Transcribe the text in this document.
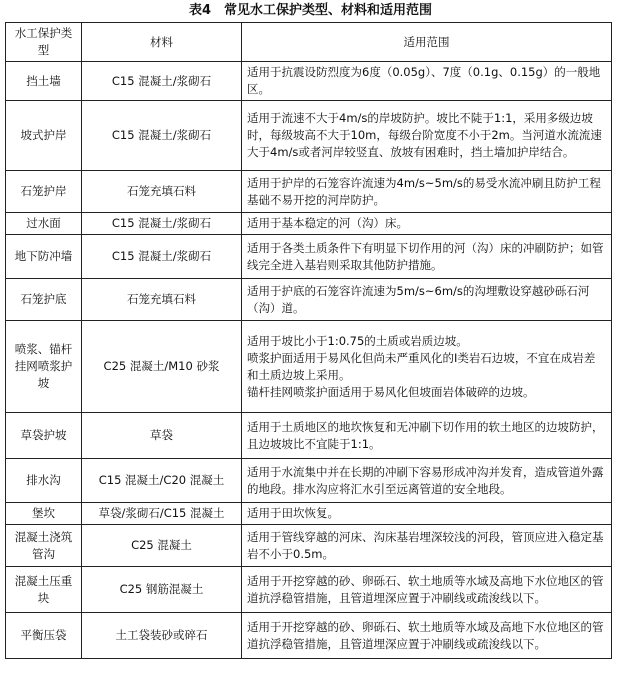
表4　常见水工保护类型、材料和适用范围
水工保护类型	材料	适用范围
挡土墙	C15 混凝土/浆砌石	适用于抗震设防烈度为6度（0.05g）、7度（0.1g、0.15g）的一般地区。
坡式护岸	C15 混凝土/浆砌石	适用于流速不大于4m/s的岸坡防护。坡比不陡于1:1，采用多级边坡时，每级坡高不大于10m，每级台阶宽度不小于2m。当河道水流流速大于4m/s或者河岸较竖直、放坡有困难时，挡土墙加护岸结合。
石笼护岸	石笼充填石料	适用于护岸的石笼容许流速为4m/s~5m/s的易受水流冲刷且防护工程基础不易开挖的河岸防护。
过水面	C15 混凝土/浆砌石	适用于基本稳定的河（沟）床。
地下防冲墙	C15 混凝土/浆砌石	适用于各类土质条件下有明显下切作用的河（沟）床的冲刷防护；如管线完全进入基岩则采取其他防护措施。
石笼护底	石笼充填石料	适用于护底的石笼容许流速为5m/s~6m/s的沟埋敷设穿越砂砾石河（沟）道。
喷浆、锚杆挂网喷浆护坡	C25 混凝土/M10 砂浆	适用于坡比小于1:0.75的土质或岩质边坡。
喷浆护面适用于易风化但尚未严重风化的Ⅰ类岩石边坡，不宜在成岩差和土质边坡上采用。
锚杆挂网喷浆护面适用于易风化但坡面岩体破碎的边坡。

草袋护坡	草袋	适用于土质地区的地坎恢复和无冲刷下切作用的软土地区的边坡防护，且边坡坡比不宜陡于1:1。
排水沟	C15 混凝土/C20 混凝土	适用于水流集中并在长期的冲刷下容易形成冲沟并发育，造成管道外露的地段。排水沟应将汇水引至远离管道的安全地段。
堡坎	草袋/浆砌石/C15 混凝土	适用于田坎恢复。
混凝土浇筑管沟	C25 混凝土	适用于管线穿越的河床、沟床基岩埋深较浅的河段，管顶应进入稳定基岩不小于0.5m。
混凝土压重块	C25 钢筋混凝土	适用于开挖穿越的砂、卵砾石、软土地质等水域及高地下水位地区的管道抗浮稳管措施，且管道埋深应置于冲刷线或疏浚线以下。
平衡压袋	土工袋装砂或碎石	适用于开挖穿越的砂、卵砾石、软土地质等水域及高地下水位地区的管道抗浮稳管措施，且管道埋深应置于冲刷线或疏浚线以下。
